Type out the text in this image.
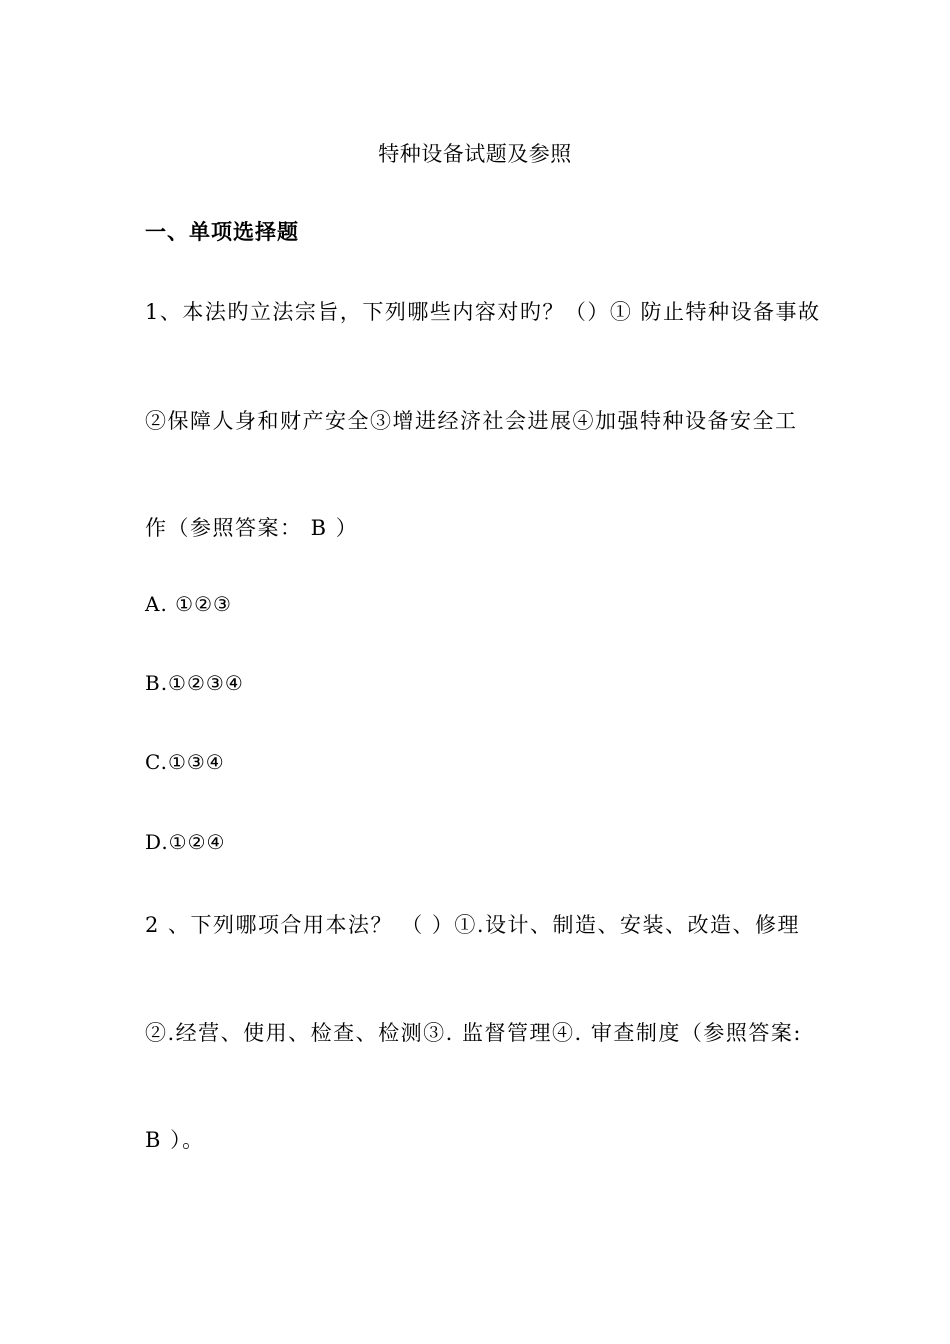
特种设备试题及参照
一、单项选择题
1、本法旳立法宗旨，下列哪些内容对旳？（）① 防止特种设备事故
②保障人身和财产安全③增进经济社会进展④加强特种设备安全工
作（参照答案： B ）
A. ①②③
B.①②③④
C.①③④
D.①②④
2 、下列哪项合用本法？ （ ）①.设计、制造、安装、改造、修理
②.经营、使用、检查、检测③. 监督管理④. 审查制度（参照答案:
B ）。
